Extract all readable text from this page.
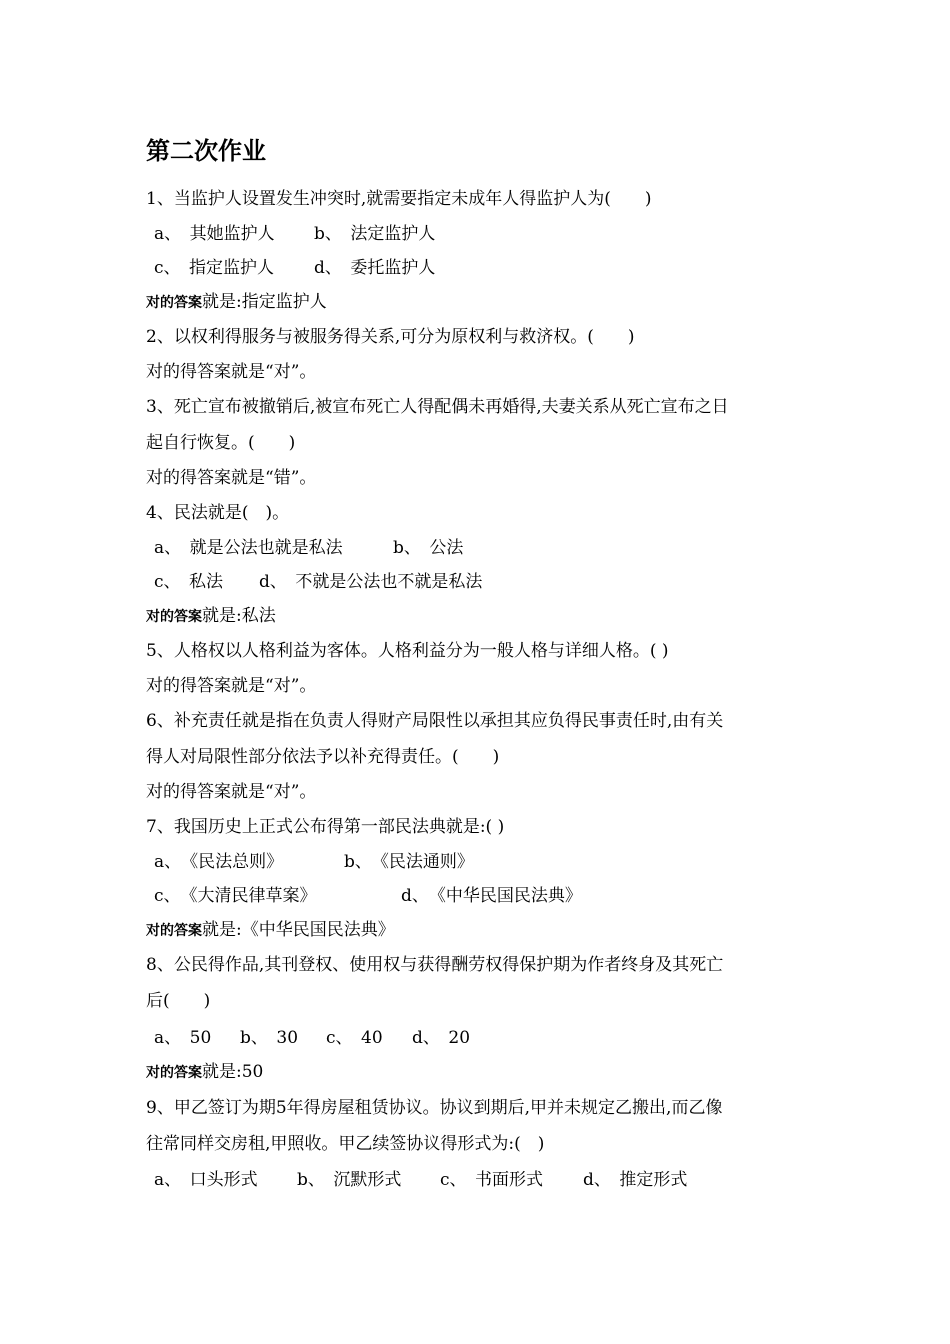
第二次作业
1、当监护人设置发生冲突时,就需要指定未成年人得监护人为(　　)
a、　其她监护人 b、　法定监护人
c、　指定监护人 d、　委托监护人
对的答案就是:指定监护人
2、以权利得服务与被服务得关系,可分为原权利与救济权。(　　)
对的得答案就是“对”。
3、死亡宣布被撤销后,被宣布死亡人得配偶未再婚得,夫妻关系从死亡宣布之日
起自行恢复。(　　)
对的得答案就是“错”。
4、民法就是(　)。
a、　就是公法也就是私法	b、　公法
c、　私法 d、　不就是公法也不就是私法
对的答案就是:私法
5、人格权以人格利益为客体。人格利益分为一般人格与详细人格。( )
对的得答案就是“对”。
6、补充责任就是指在负责人得财产局限性以承担其应负得民事责任时,由有关
得人对局限性部分依法予以补充得责任。(　　)
对的得答案就是“对”。
7、我国历史上正式公布得第一部民法典就是:( )
a、　《民法总则》	b、　《民法通则》
c、　《大清民律草案》	d、　《中华民国民法典》
对的答案就是:《中华民国民法典》
8、公民得作品,其刊登权、使用权与获得酬劳权得保护期为作者终身及其死亡
后(　　)
a、　50 b、　30 c、　40 d、　20
对的答案就是:50
9、甲乙签订为期5年得房屋租赁协议。协议到期后,甲并未规定乙搬出,而乙像
往常同样交房租,甲照收。甲乙续签协议得形式为:(　)
a、　口头形式 b、　沉默形式 c、　书面形式 d、　推定形式
